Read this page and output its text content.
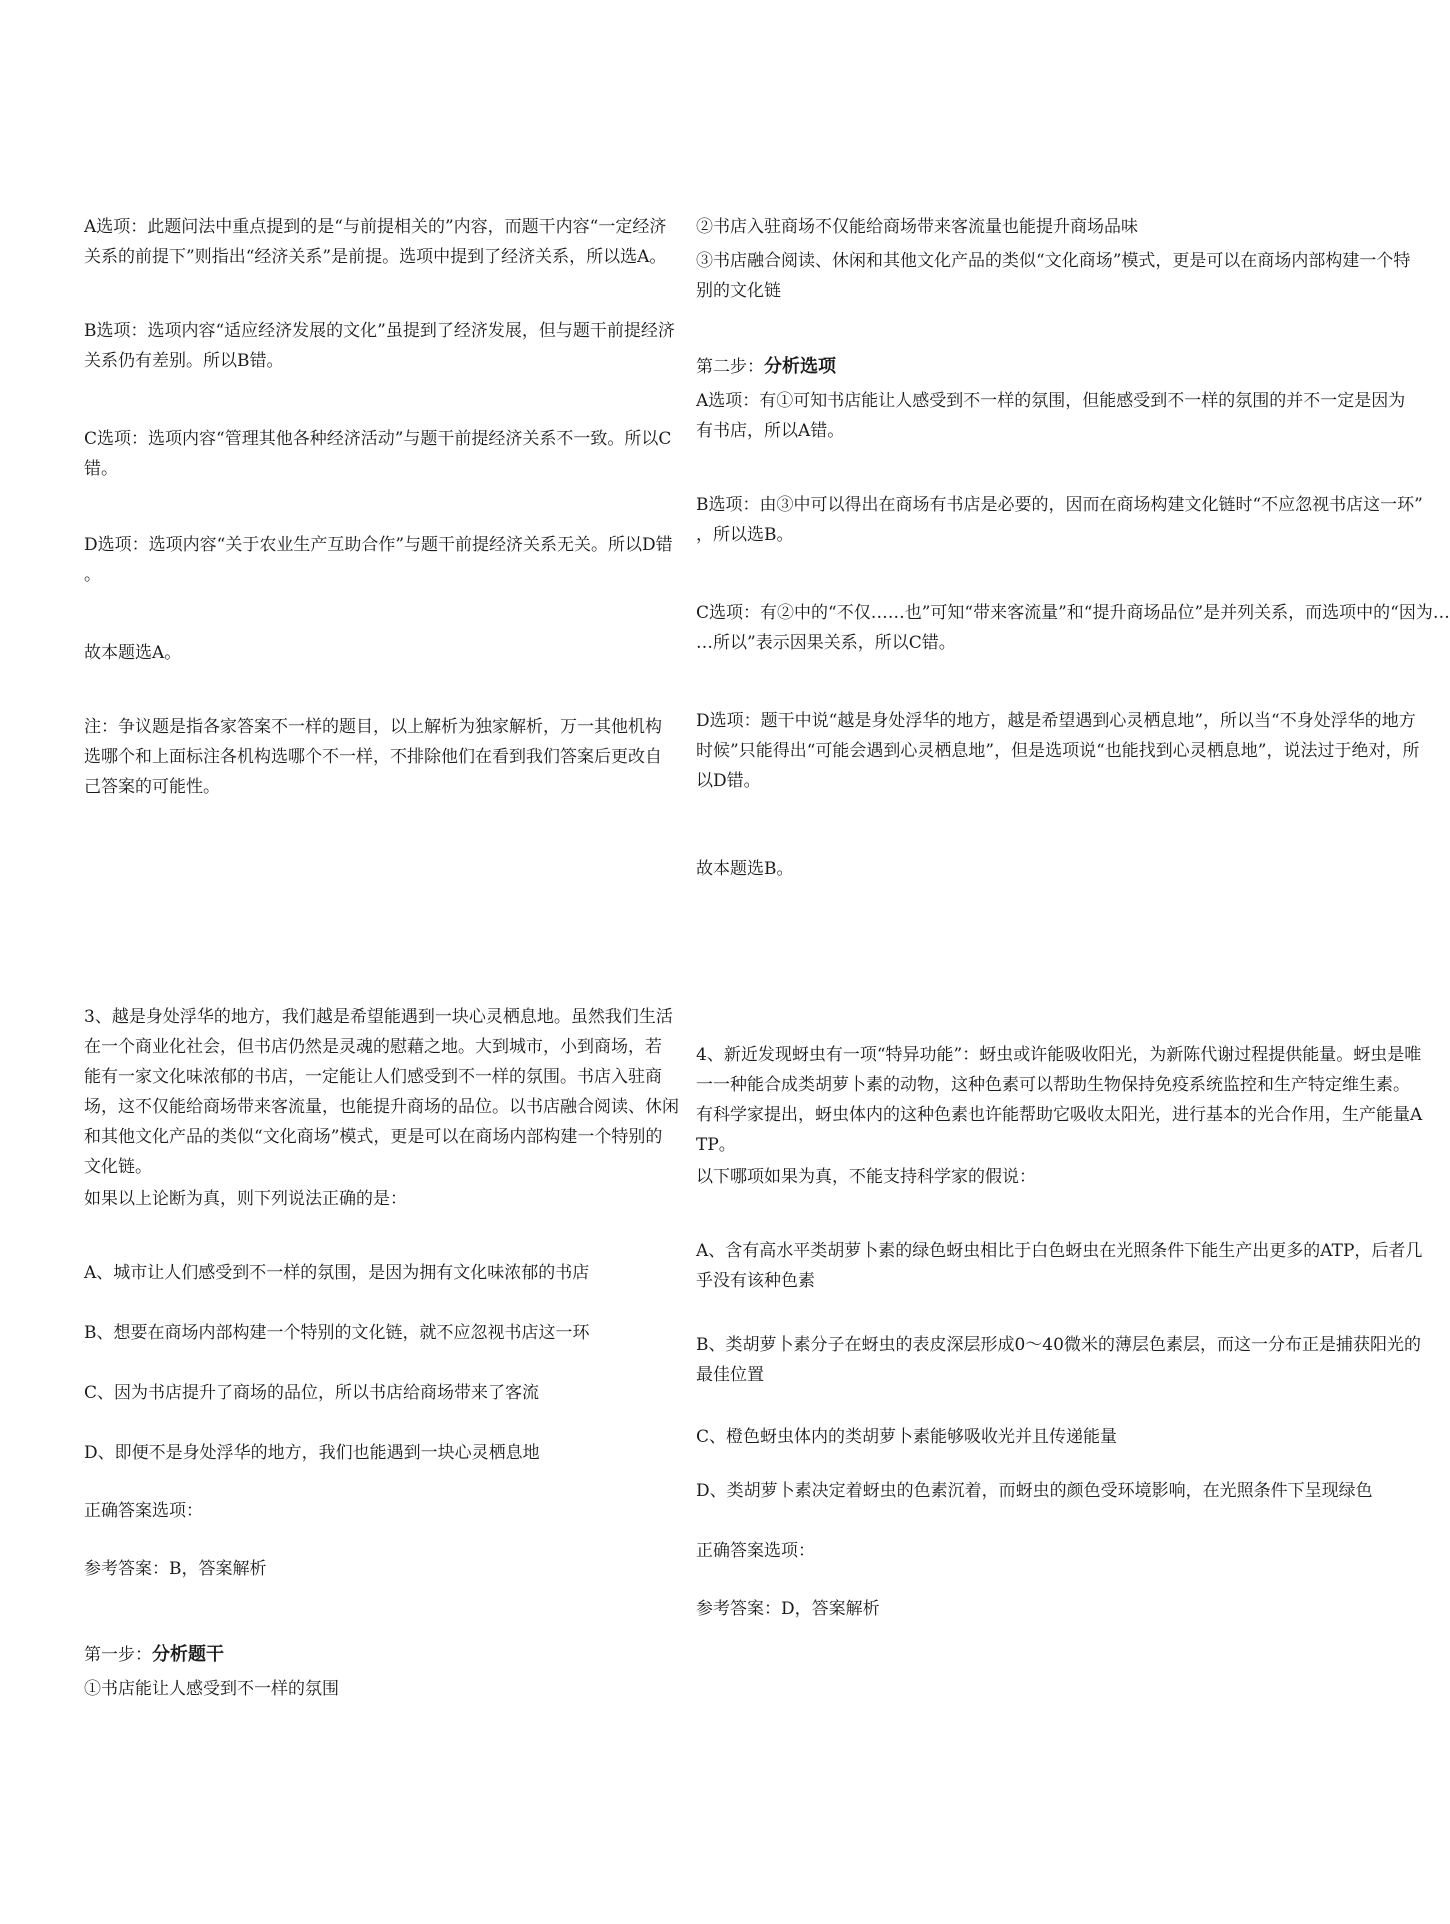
A选项：此题问法中重点提到的是“与前提相关的”内容，而题干内容“一定经济
关系的前提下”则指出“经济关系”是前提。选项中提到了经济关系，所以选A。

B选项：选项内容“适应经济发展的文化”虽提到了经济发展，但与题干前提经济
关系仍有差别。所以B错。

C选项：选项内容“管理其他各种经济活动”与题干前提经济关系不一致。所以C
错。

D选项：选项内容“关于农业生产互助合作”与题干前提经济关系无关。所以D错
。

故本题选A。

注：争议题是指各家答案不一样的题目，以上解析为独家解析，万一其他机构
选哪个和上面标注各机构选哪个不一样，不排除他们在看到我们答案后更改自
己答案的可能性。

②书店入驻商场不仅能给商场带来客流量也能提升商场品味

③书店融合阅读、休闲和其他文化产品的类似“文化商场”模式，更是可以在商场内部构建一个特
别的文化链

第二步：分析选项

A选项：有①可知书店能让人感受到不一样的氛围，但能感受到不一样的氛围的并不一定是因为
有书店，所以A错。

B选项：由③中可以得出在商场有书店是必要的，因而在商场构建文化链时“不应忽视书店这一环”
，所以选B。

C选项：有②中的“不仅……也”可知“带来客流量”和“提升商场品位”是并列关系，而选项中的“因为…
…所以”表示因果关系，所以C错。

D选项：题干中说“越是身处浮华的地方，越是希望遇到心灵栖息地”，所以当“不身处浮华的地方
时候”只能得出“可能会遇到心灵栖息地”，但是选项说“也能找到心灵栖息地”，说法过于绝对，所
以D错。

故本题选B。

3、越是身处浮华的地方，我们越是希望能遇到一块心灵栖息地。虽然我们生活
在一个商业化社会，但书店仍然是灵魂的慰藉之地。大到城市，小到商场，若
能有一家文化味浓郁的书店，一定能让人们感受到不一样的氛围。书店入驻商
场，这不仅能给商场带来客流量，也能提升商场的品位。以书店融合阅读、休闲
和其他文化产品的类似“文化商场”模式，更是可以在商场内部构建一个特别的
文化链。

如果以上论断为真，则下列说法正确的是：

A、城市让人们感受到不一样的氛围，是因为拥有文化味浓郁的书店

B、想要在商场内部构建一个特别的文化链，就不应忽视书店这一环

C、因为书店提升了商场的品位，所以书店给商场带来了客流

D、即便不是身处浮华的地方，我们也能遇到一块心灵栖息地

正确答案选项：

参考答案：B，答案解析

第一步：分析题干

①书店能让人感受到不一样的氛围

4、新近发现蚜虫有一项“特异功能”：蚜虫或许能吸收阳光，为新陈代谢过程提供能量。蚜虫是唯
一一种能合成类胡萝卜素的动物，这种色素可以帮助生物保持免疫系统监控和生产特定维生素。
有科学家提出，蚜虫体内的这种色素也许能帮助它吸收太阳光，进行基本的光合作用，生产能量A
TP。

以下哪项如果为真，不能支持科学家的假说：

A、含有高水平类胡萝卜素的绿色蚜虫相比于白色蚜虫在光照条件下能生产出更多的ATP，后者几
乎没有该种色素

B、类胡萝卜素分子在蚜虫的表皮深层形成0～40微米的薄层色素层，而这一分布正是捕获阳光的
最佳位置

C、橙色蚜虫体内的类胡萝卜素能够吸收光并且传递能量

D、类胡萝卜素决定着蚜虫的色素沉着，而蚜虫的颜色受环境影响，在光照条件下呈现绿色

正确答案选项：

参考答案：D，答案解析
